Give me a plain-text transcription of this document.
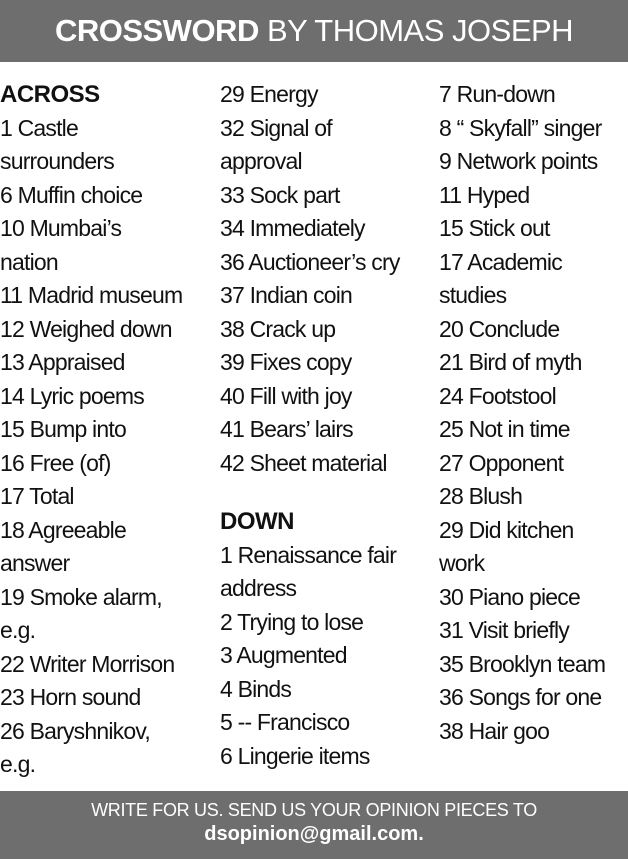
CROSSWORD BY THOMAS JOSEPH
ACROSS
1 Castle surrounders
6 Muffin choice
10 Mumbai’s nation
11 Madrid museum
12 Weighed down
13 Appraised
14 Lyric poems
15 Bump into
16 Free (of)
17 Total
18 Agreeable answer
19 Smoke alarm, e.g.
22 Writer Morrison
23 Horn sound
26 Baryshnikov, e.g.
29 Energy
32 Signal of approval
33 Sock part
34 Immediately
36 Auctioneer’s cry
37 Indian coin
38 Crack up
39 Fixes copy
40 Fill with joy
41 Bears’ lairs
42 Sheet material
DOWN
1 Renaissance fair address
2 Trying to lose
3 Augmented
4 Binds
5 -- Francisco
6 Lingerie items
7 Run-down
8 “ Skyfall” singer
9 Network points
11 Hyped
15 Stick out
17 Academic studies
20 Conclude
21 Bird of myth
24 Footstool
25 Not in time
27 Opponent
28 Blush
29 Did kitchen work
30 Piano piece
31 Visit briefly
35 Brooklyn team
36 Songs for one
38 Hair goo
WRITE FOR US. SEND US YOUR OPINION PIECES TO
dsopinion@gmail.com.
